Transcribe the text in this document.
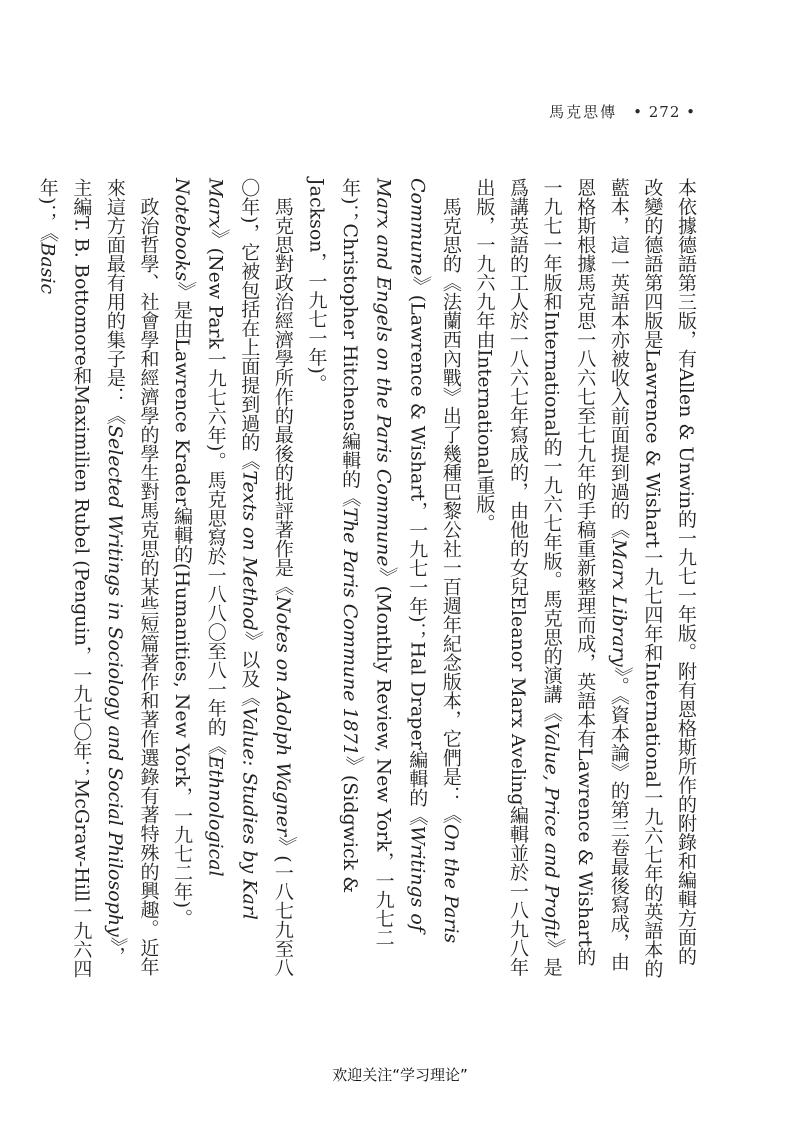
馬克思傳 • 272 •

本依據德語第三版，有Allen & Unwin的一九七一年版。附有恩格斯所作的附錄和編輯方面的改變的德語第四版是Lawrence & Wishart一九七四年和International一九六七年的英語本的藍本，這一英語本亦被收入前面提到過的《Marx Library》。《資本論》的第三卷最後寫成，由恩格斯根據馬克思一八六七至七九年的手稿重新整理而成，英語本有Lawrence & Wishart的一九七一年版和International的一九六七年版。馬克思的演講《Value, Price and Profit》是爲講英語的工人於一八六七年寫成的，由他的女兒Eleanor Marx Aveling編輯並於一八九八年出版，一九六九年由International重版。

馬克思的《法蘭西內戰》出了幾種巴黎公社一百週年紀念版本，它們是：《On the Paris Commune》(Lawrence & Wishart，一九七一年)；Hal Draper編輯的《Writings of Marx and Engels on the Paris Commune》(Monthly Review, New York，一九七二年)；Christopher Hitchens編輯的《The Paris Commune 1871》(Sidgwick & Jackson，一九七一年)。

馬克思對政治經濟學所作的最後的批評著作是《Notes on Adolph Wagner》(一八七九至八〇年)，它被包括在上面提到過的《Texts on Method》以及《Value: Studies by Karl Marx》(New Park一九七六年)。馬克思寫於一八八〇至八一年的《Ethnological Notebooks》是由Lawrence Krader編輯的(Humanities, New York，一九七二年)。

政治哲學、社會學和經濟學的學生對馬克思的某些短篇著作和著作選錄有著特殊的興趣。近年來這方面最有用的集子是：《Selected Writings in Sociology and Social Philosophy》，主編T. B. Bottomore和Maximilien Rubel (Penguin，一九七〇年；McGraw-Hill一九六四年)；《Basic

欢迎关注“学习理论”
